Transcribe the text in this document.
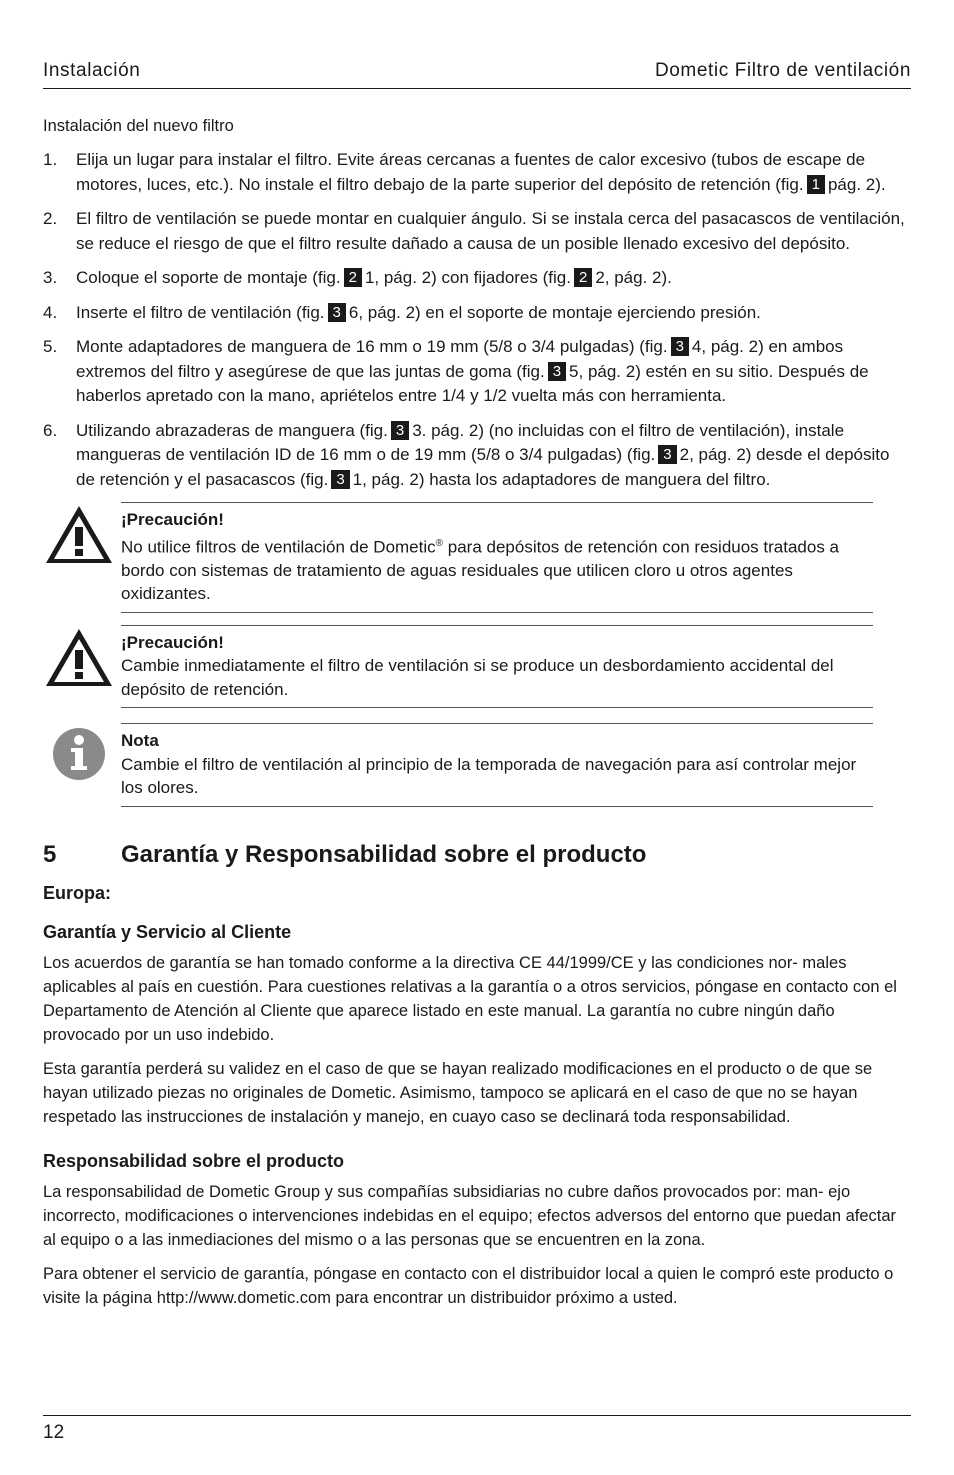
Instalación	Dometic Filtro de ventilación
Instalación del nuevo filtro
1.	Elija un lugar para instalar el filtro. Evite áreas cercanas a fuentes de calor excesivo (tubos de escape de motores, luces, etc.). No instale el filtro debajo de la parte superior del depósito de retención (fig. 1 pág. 2).
2.	El filtro de ventilación se puede montar en cualquier ángulo. Si se instala cerca del pasacascos de ventilación, se reduce el riesgo de que el filtro resulte dañado a causa de un posible llenado excesivo del depósito.
3.	Coloque el soporte de montaje (fig. 2 1, pág. 2) con fijadores (fig. 2 2, pág. 2).
4.	Inserte el filtro de ventilación (fig. 3 6, pág. 2) en el soporte de montaje ejerciendo presión.
5.	Monte adaptadores de manguera de 16 mm o 19 mm (5/8 o 3/4 pulgadas) (fig. 3 4, pág. 2) en ambos extremos del filtro y asegúrese de que las juntas de goma (fig. 3 5, pág. 2) estén en su sitio. Después de haberlos apretado con la mano, apriételos entre 1/4 y 1/2 vuelta más con herramienta.
6.	Utilizando abrazaderas de manguera (fig. 3 3. pág. 2) (no incluidas con el filtro de ventilación), instale mangueras de ventilación ID de 16 mm o de 19 mm (5/8 o 3/4 pulgadas) (fig. 3 2, pág. 2) desde el depósito de retención y el pasacascos (fig. 3 1, pág. 2) hasta los adaptadores de manguera del filtro.
¡Precaución!
No utilice filtros de ventilación de Dometic® para depósitos de retención con residuos tratados a bordo con sistemas de tratamiento de aguas residuales que utilicen cloro u otros agentes oxidizantes.
¡Precaución!
Cambie inmediatamente el filtro de ventilación si se produce un desbordamiento accidental del depósito de retención.
Nota
Cambie el filtro de ventilación al principio de la temporada de navegación para así controlar mejor los olores.
5	Garantía y Responsabilidad sobre el producto
Europa:
Garantía y Servicio al Cliente

Los acuerdos de garantía se han tomado conforme a la directiva CE 44/1999/CE y las condiciones nor- males aplicables al país en cuestión. Para cuestiones relativas a la garantía o a otros servicios, póngase en contacto con el Departamento de Atención al Cliente que aparece listado en este manual. La garantía no cubre ningún daño provocado por un uso indebido.

Esta garantía perderá su validez en el caso de que se hayan realizado modificaciones en el producto o de que se hayan utilizado piezas no originales de Dometic. Asimismo, tampoco se aplicará en el caso de que no se hayan respetado las instrucciones de instalación y manejo, en cuayo caso se declinará toda responsabilidad.

Responsabilidad sobre el producto

La responsabilidad de Dometic Group y sus compañías subsidiarias no cubre daños provocados por: man- ejo incorrecto, modificaciones o intervenciones indebidas en el equipo; efectos adversos del entorno que puedan afectar al equipo o a las inmediaciones del mismo o a las personas que se encuentren en la zona.

Para obtener el servicio de garantía, póngase en contacto con el distribuidor local a quien le compró este producto o visite la página http://www.dometic.com para encontrar un distribuidor próximo a usted.

12
